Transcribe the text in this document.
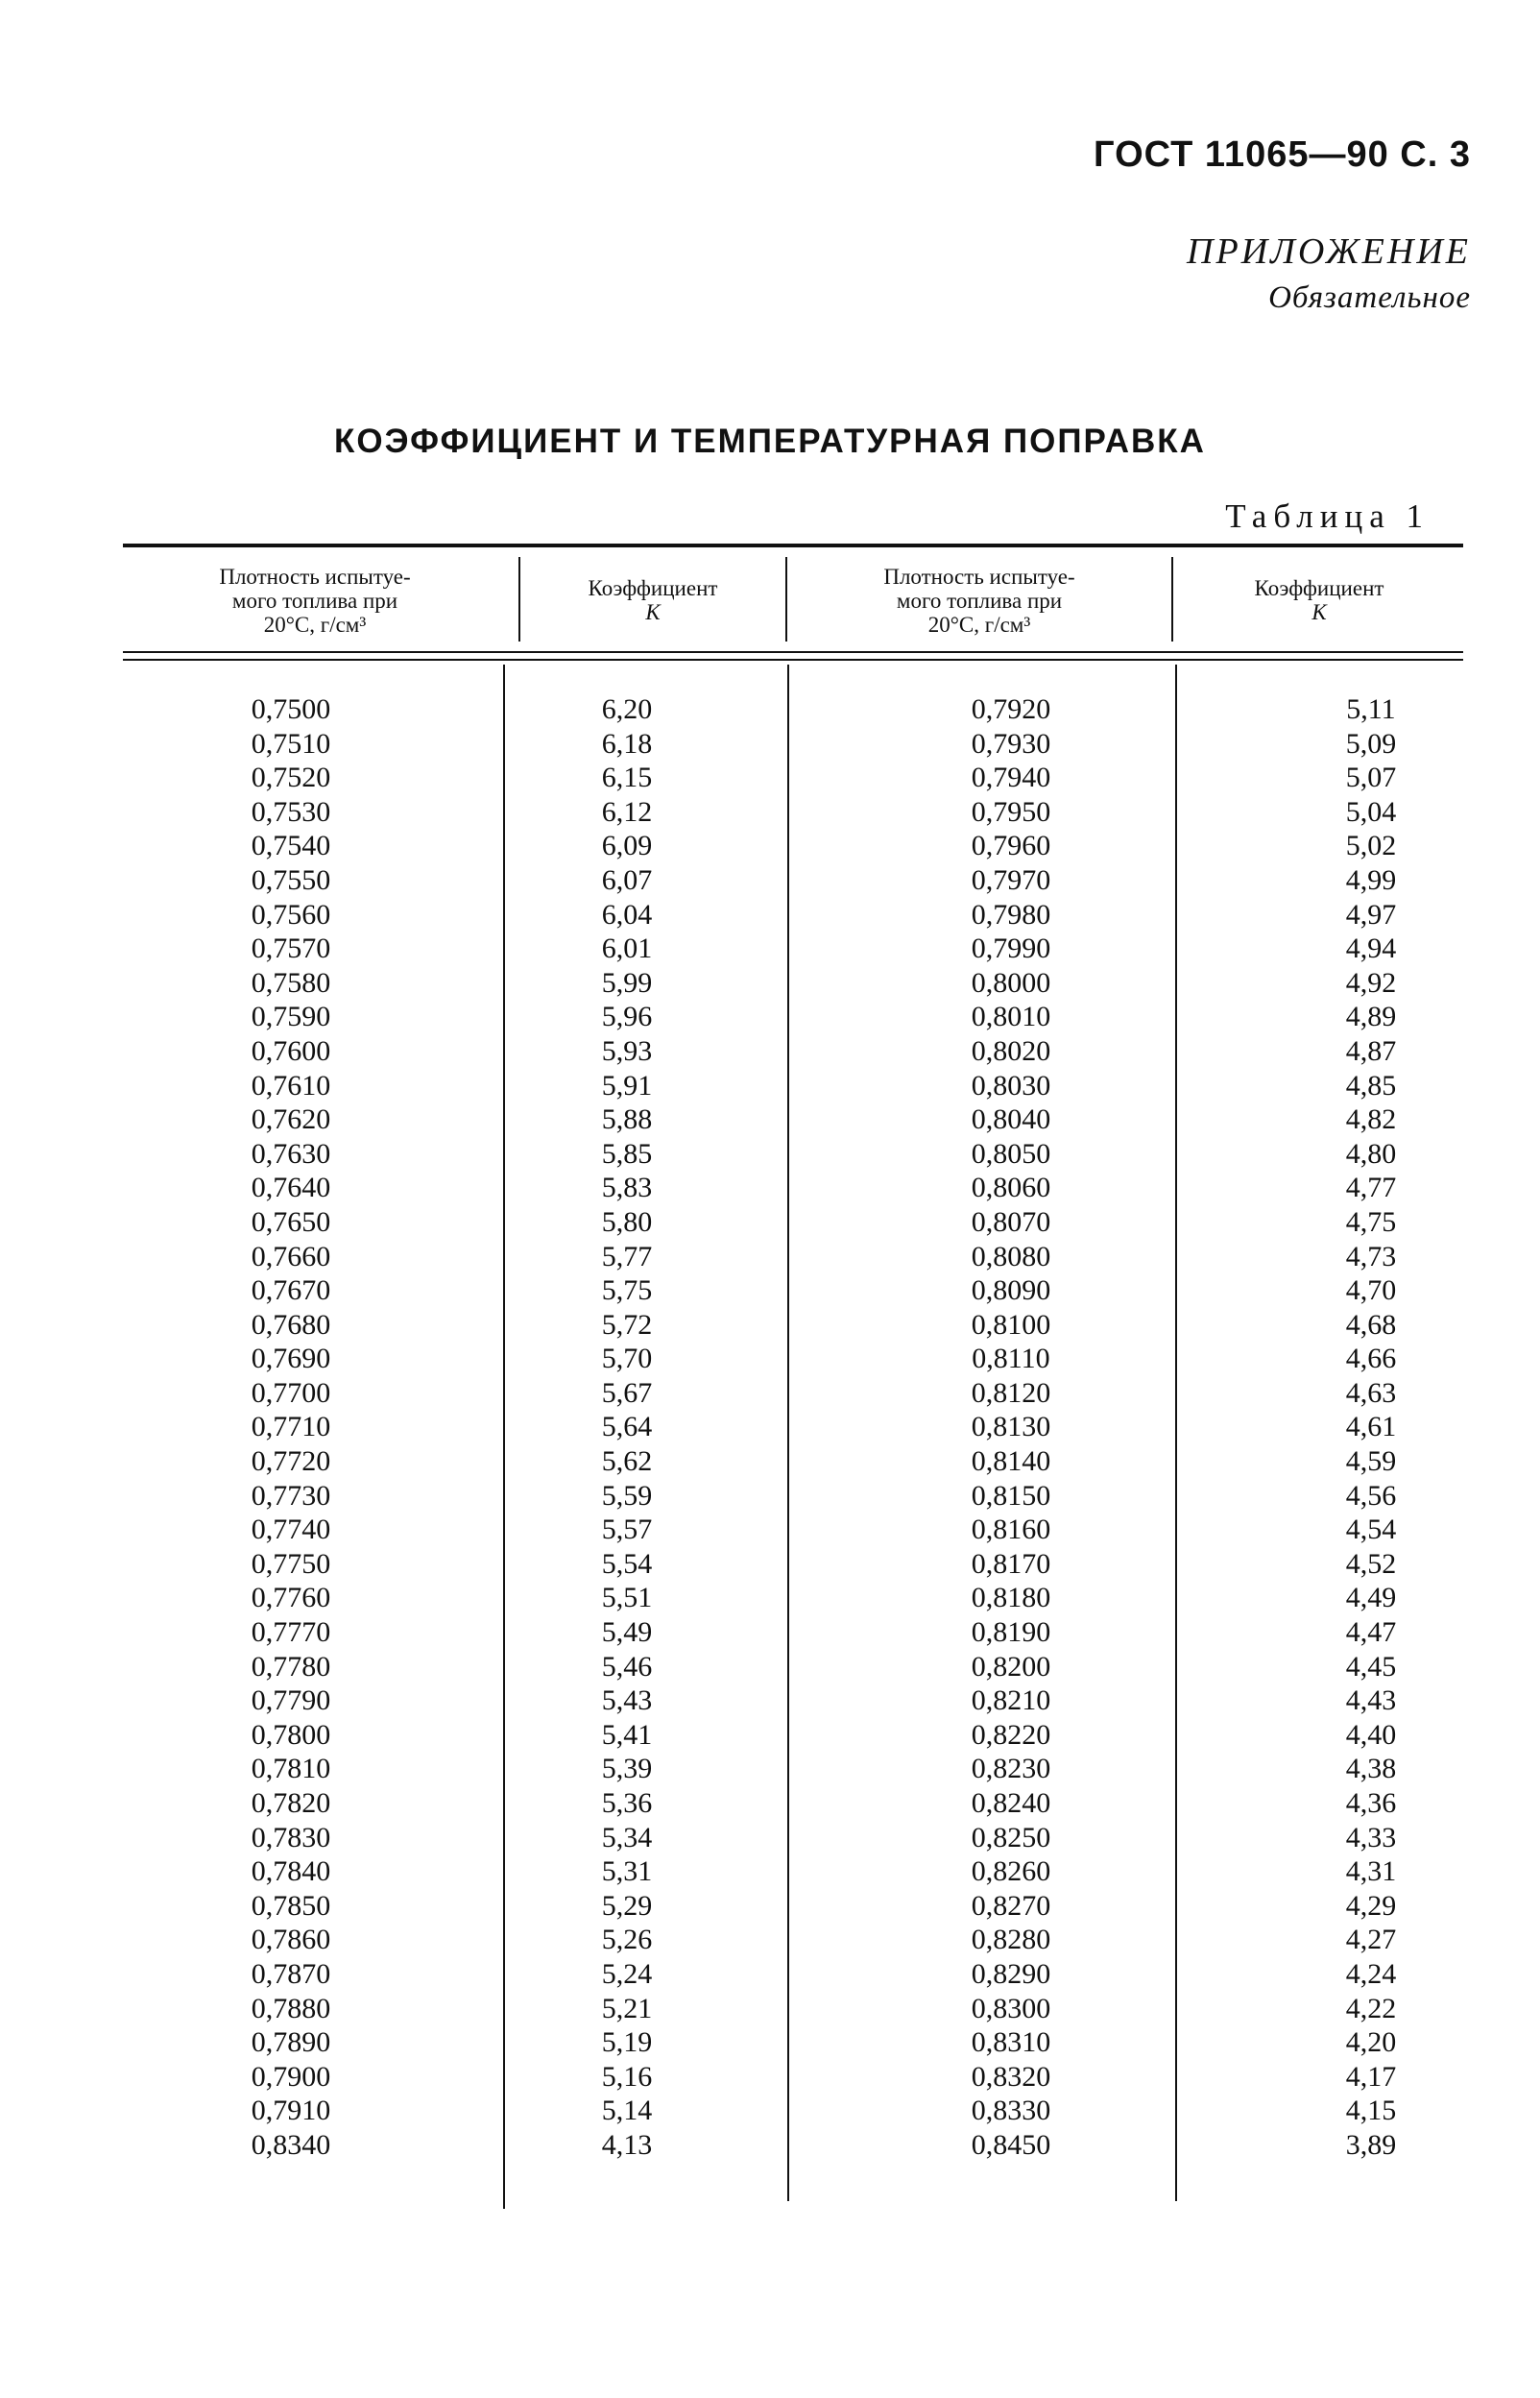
ГОСТ 11065—90 С. 3
ПРИЛОЖЕНИЕ
Обязательное
КОЭФФИЦИЕНТ И ТЕМПЕРАТУРНАЯ ПОПРАВКА
Таблица 1
Плотность испытуе-
мого топлива при
20°С, г/см³
Коэффициент
К
Плотность испытуе-
мого топлива при
20°С, г/см³
Коэффициент
К
0,7500
0,7510
0,7520
0,7530
0,7540
0,7550
0,7560
0,7570
0,7580
0,7590
0,7600
0,7610
0,7620
0,7630
0,7640
0,7650
0,7660
0,7670
0,7680
0,7690
0,7700
0,7710
0,7720
0,7730
0,7740
0,7750
0,7760
0,7770
0,7780
0,7790
0,7800
0,7810
0,7820
0,7830
0,7840
0,7850
0,7860
0,7870
0,7880
0,7890
0,7900
0,7910
0,8340
6,20
6,18
6,15
6,12
6,09
6,07
6,04
6,01
5,99
5,96
5,93
5,91
5,88
5,85
5,83
5,80
5,77
5,75
5,72
5,70
5,67
5,64
5,62
5,59
5,57
5,54
5,51
5,49
5,46
5,43
5,41
5,39
5,36
5,34
5,31
5,29
5,26
5,24
5,21
5,19
5,16
5,14
4,13
0,7920
0,7930
0,7940
0,7950
0,7960
0,7970
0,7980
0,7990
0,8000
0,8010
0,8020
0,8030
0,8040
0,8050
0,8060
0,8070
0,8080
0,8090
0,8100
0,8110
0,8120
0,8130
0,8140
0,8150
0,8160
0,8170
0,8180
0,8190
0,8200
0,8210
0,8220
0,8230
0,8240
0,8250
0,8260
0,8270
0,8280
0,8290
0,8300
0,8310
0,8320
0,8330
0,8450
5,11
5,09
5,07
5,04
5,02
4,99
4,97
4,94
4,92
4,89
4,87
4,85
4,82
4,80
4,77
4,75
4,73
4,70
4,68
4,66
4,63
4,61
4,59
4,56
4,54
4,52
4,49
4,47
4,45
4,43
4,40
4,38
4,36
4,33
4,31
4,29
4,27
4,24
4,22
4,20
4,17
4,15
3,89
